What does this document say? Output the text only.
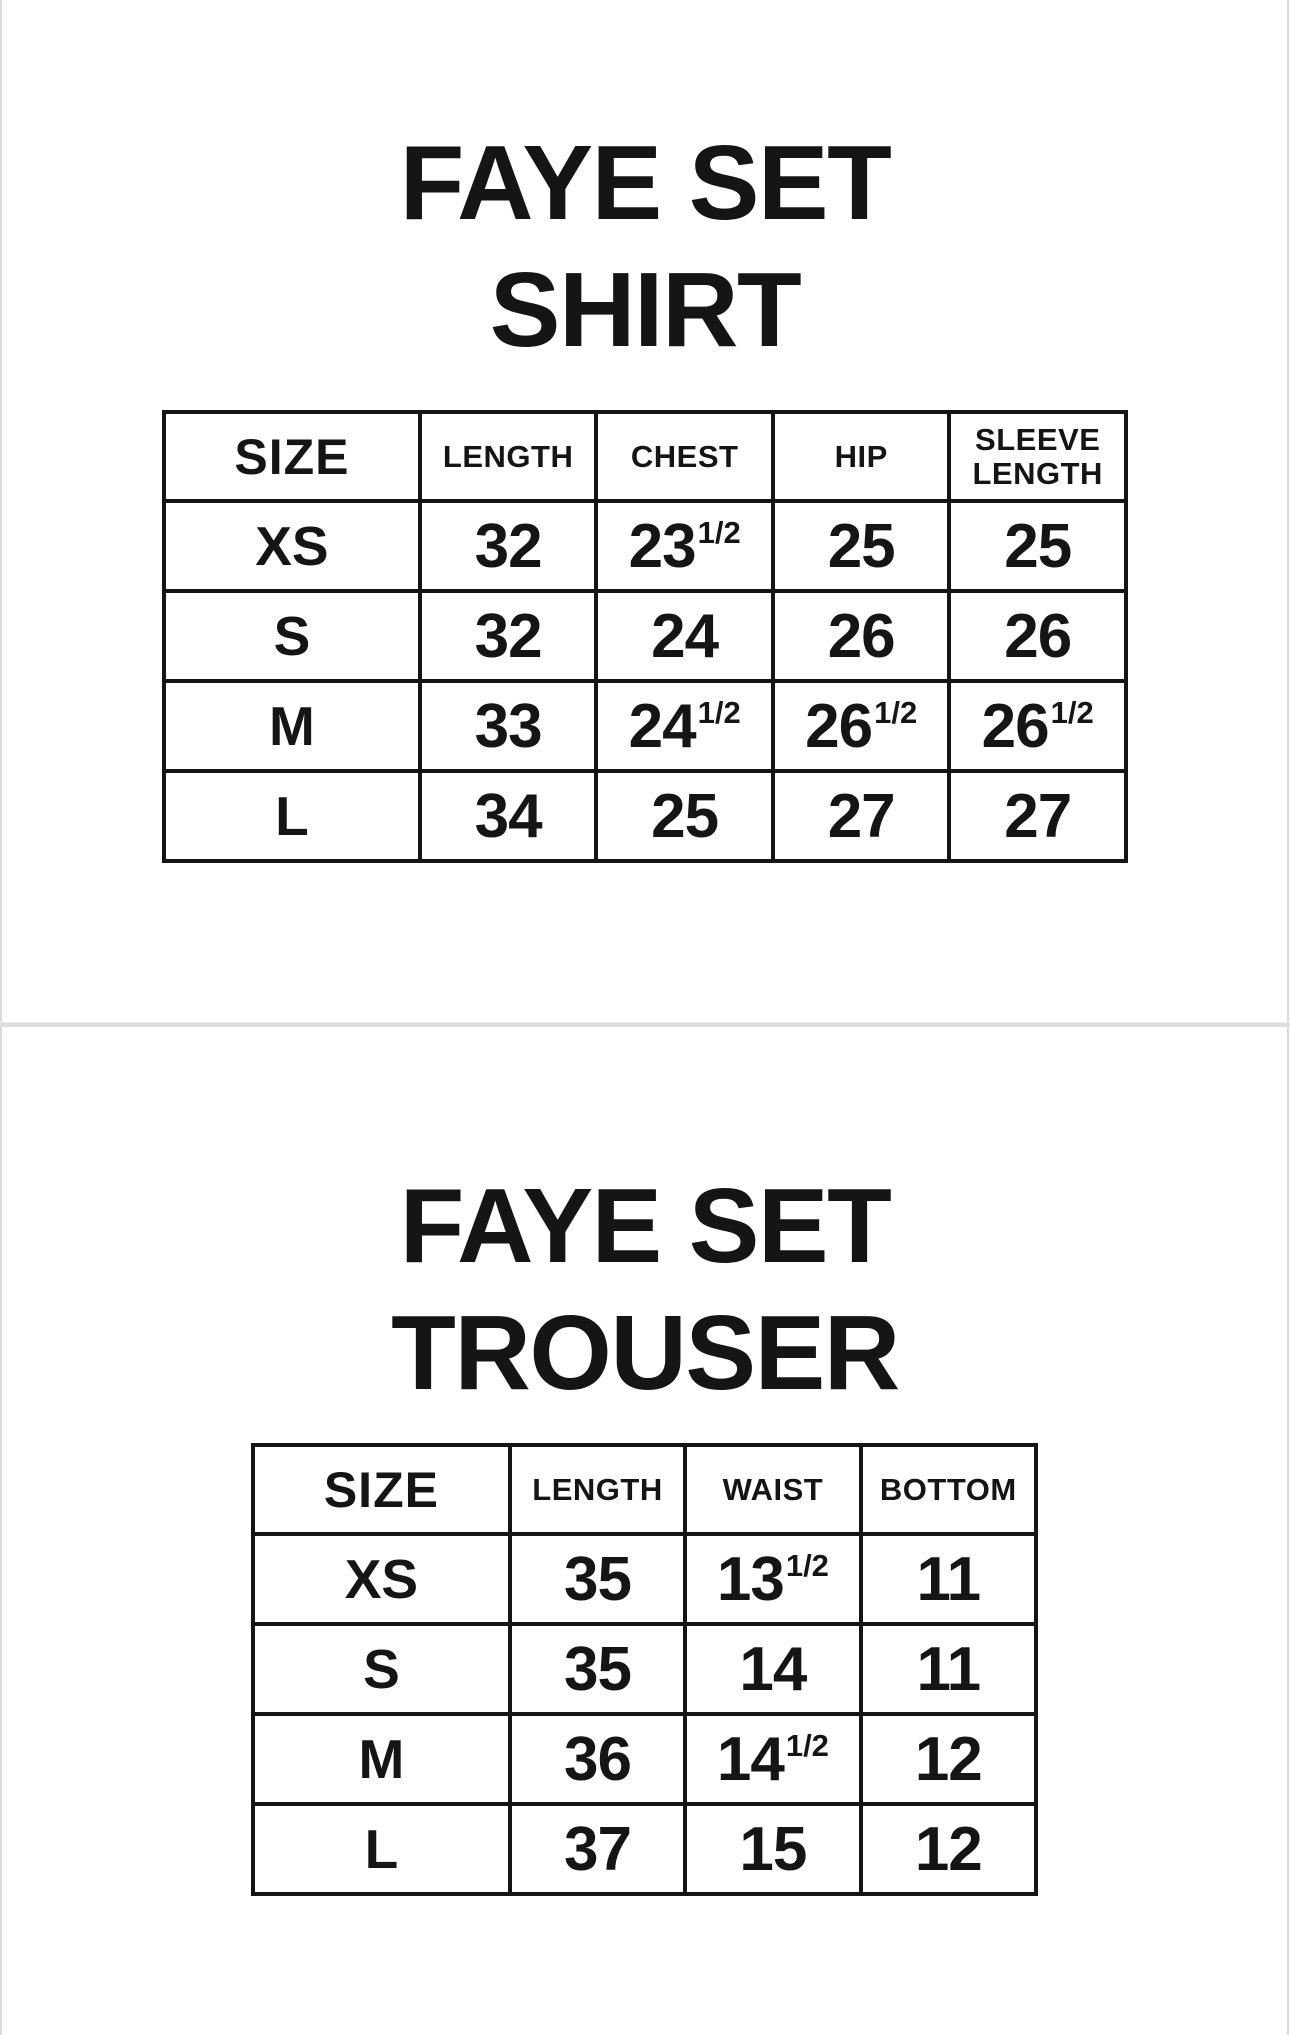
FAYE SET
SHIRT
SIZE	LENGTH	CHEST	HIP	SLEEVE LENGTH
XS	32	$23^{1/2}$	25	25
S	32	24	26	26
M	33	$24^{1/2}$	$26^{1/2}$	$26^{1/2}$
L	34	25	27	27
FAYE SET
TROUSER
SIZE	LENGTH	WAIST	BOTTOM
XS	35	$13^{1/2}$	11
S	35	14	11
M	36	$14^{1/2}$	12
L	37	15	12
